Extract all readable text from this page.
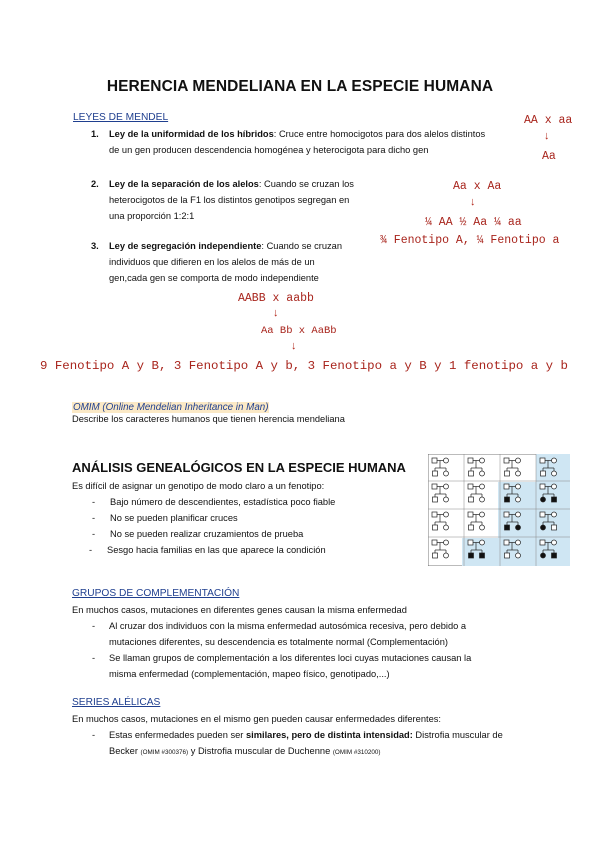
HERENCIA MENDELIANA EN LA ESPECIE HUMANA
LEYES DE MENDEL
1. Ley de la uniformidad de los híbridos: Cruce entre homocigotos para dos alelos distintos
de un gen producen descendencia homogénea y heterocigota para dicho gen
2. Ley de la separación de los alelos: Cuando se cruzan los
heterocigotos de la F1 los distintos genotipos segregan en
una proporción 1:2:1
3. Ley de segregación independiente: Cuando se cruzan
individuos que difieren en los alelos de más de un
gen,cada gen se comporta de modo independiente
AA x aa
↓
Aa
Aa x Aa
↓
¼ AA ½ Aa ¼ aa
¾ Fenotipo A, ¼ Fenotipo a
AABB x aabb
↓
Aa Bb x AaBb
↓
9 Fenotipo A y B, 3 Fenotipo A y b, 3 Fenotipo a y B y 1 fenotipo a y b
OMIM (Online Mendelian Inheritance in Man)
Describe los caracteres humanos que tienen herencia mendeliana
ANÁLISIS GENEALÓGICOS EN LA ESPECIE HUMANA
Es difícil de asignar un genotipo de modo claro a un fenotipo:
- Bajo número de descendientes, estadística poco fiable
- No se pueden planificar cruces
- No se pueden realizar cruzamientos de prueba
- Sesgo hacia familias en las que aparece la condición
GRUPOS DE COMPLEMENTACIÓN
En muchos casos, mutaciones en diferentes genes causan la misma enfermedad
- Al cruzar dos individuos con la misma enfermedad autosómica recesiva, pero debido a
mutaciones diferentes, su descendencia es totalmente normal (Complementación)
- Se llaman grupos de complementación a los diferentes loci cuyas mutaciones causan la
misma enfermedad (complementación, mapeo físico, genotipado,...)
SERIES ALÉLICAS
En muchos casos, mutaciones en el mismo gen pueden causar enfermedades diferentes:
- Estas enfermedades pueden ser similares, pero de distinta intensidad: Distrofia muscular de
Becker (OMIM #300376) y Distrofia muscular de Duchenne (OMIM #310200)
